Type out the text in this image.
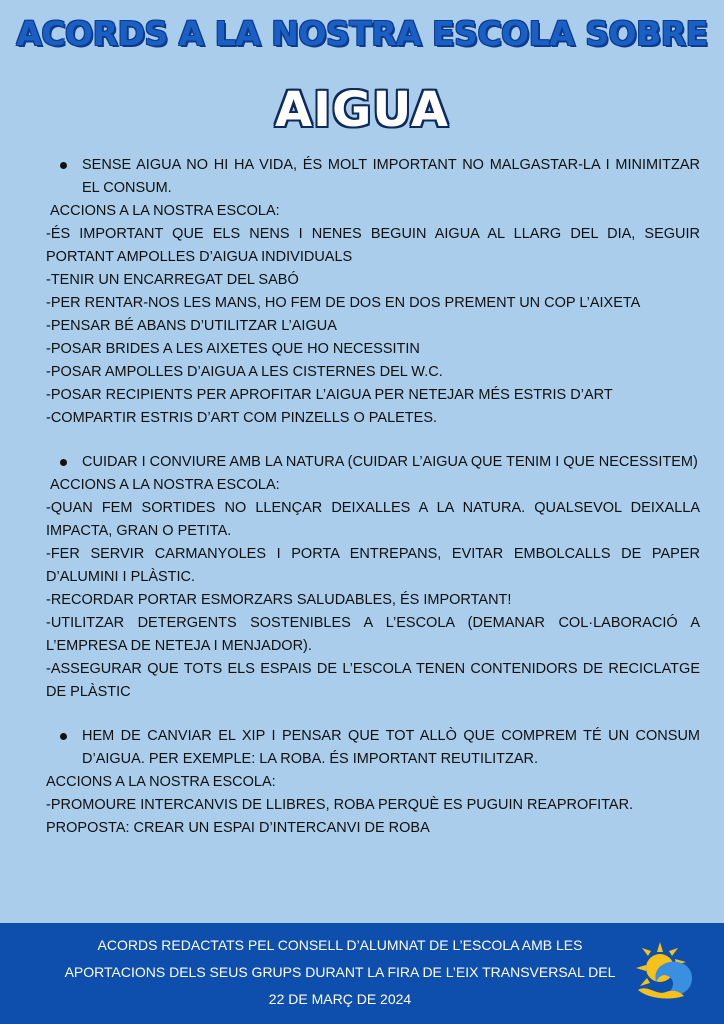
ACORDS A LA NOSTRA ESCOLA SOBRE
AIGUA
SENSE AIGUA NO HI HA VIDA, ÉS MOLT IMPORTANT NO MALGASTAR-LA I MINIMITZAR EL CONSUM.
ACCIONS A LA NOSTRA ESCOLA:
-ÉS IMPORTANT QUE ELS NENS I NENES BEGUIN AIGUA AL LLARG DEL DIA, SEGUIR PORTANT AMPOLLES D’AIGUA INDIVIDUALS
-TENIR UN ENCARREGAT DEL SABÓ
-PER RENTAR-NOS LES MANS, HO FEM DE DOS EN DOS PREMENT UN COP L’AIXETA
-PENSAR BÉ ABANS D’UTILITZAR L’AIGUA
-POSAR BRIDES A LES AIXETES QUE HO NECESSITIN
-POSAR AMPOLLES D’AIGUA A LES CISTERNES DEL W.C.
-POSAR RECIPIENTS PER APROFITAR L’AIGUA PER NETEJAR MÉS ESTRIS D’ART
-COMPARTIR ESTRIS D’ART COM PINZELLS O PALETES.
CUIDAR I CONVIURE AMB LA NATURA (CUIDAR L’AIGUA QUE TENIM I QUE NECESSITEM)
ACCIONS A LA NOSTRA ESCOLA:
-QUAN FEM SORTIDES NO LLENÇAR DEIXALLES A LA NATURA. QUALSEVOL DEIXALLA IMPACTA, GRAN O PETITA.
-FER SERVIR CARMANYOLES I PORTA ENTREPANS, EVITAR EMBOLCALLS DE PAPER D’ALUMINI I PLÀSTIC.
-RECORDAR PORTAR ESMORZARS SALUDABLES, ÉS IMPORTANT!
-UTILITZAR DETERGENTS SOSTENIBLES A L’ESCOLA (DEMANAR COL·LABORACIÓ A L’EMPRESA DE NETEJA I MENJADOR).
-ASSEGURAR QUE TOTS ELS ESPAIS DE L’ESCOLA TENEN CONTENIDORS DE RECICLATGE DE PLÀSTIC
HEM DE CANVIAR EL XIP I PENSAR QUE TOT ALLÒ QUE COMPREM TÉ UN CONSUM D’AIGUA. PER EXEMPLE: LA ROBA. ÉS IMPORTANT REUTILITZAR.
ACCIONS A LA NOSTRA ESCOLA:
-PROMOURE INTERCANVIS DE LLIBRES, ROBA PERQUÈ ES PUGUIN REAPROFITAR.
PROPOSTA: CREAR UN ESPAI D’INTERCANVI DE ROBA
ACORDS REDACTATS PEL CONSELL D’ALUMNAT DE L’ESCOLA AMB LES
APORTACIONS DELS SEUS GRUPS DURANT LA FIRA DE L’EIX TRANSVERSAL DEL
22 DE MARÇ DE 2024
